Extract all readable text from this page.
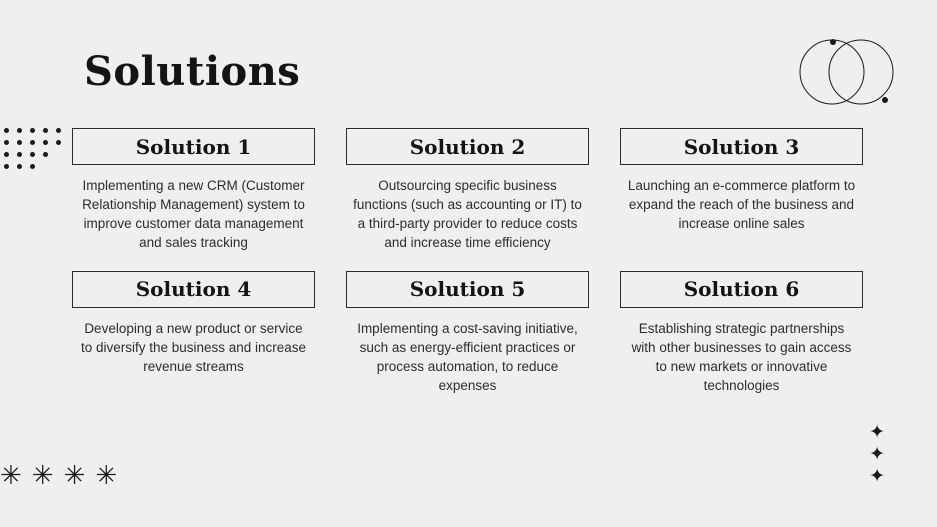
Solutions
Solution 1
Implementing a new CRM (Customer Relationship Management) system to improve customer data management and sales tracking
Solution 2
Outsourcing specific business functions (such as accounting or IT) to a third-party provider to reduce costs and increase time efficiency
Solution 3
Launching an e-commerce platform to expand the reach of the business and increase online sales
Solution 4
Developing a new product or service to diversify the business and increase revenue streams
Solution 5
Implementing a cost-saving initiative, such as energy-efficient practices or process automation, to reduce expenses
Solution 6
Establishing strategic partnerships with other businesses to gain access to new markets or innovative technologies
✳ ✳ ✳ ✳
✦
✦
✦
